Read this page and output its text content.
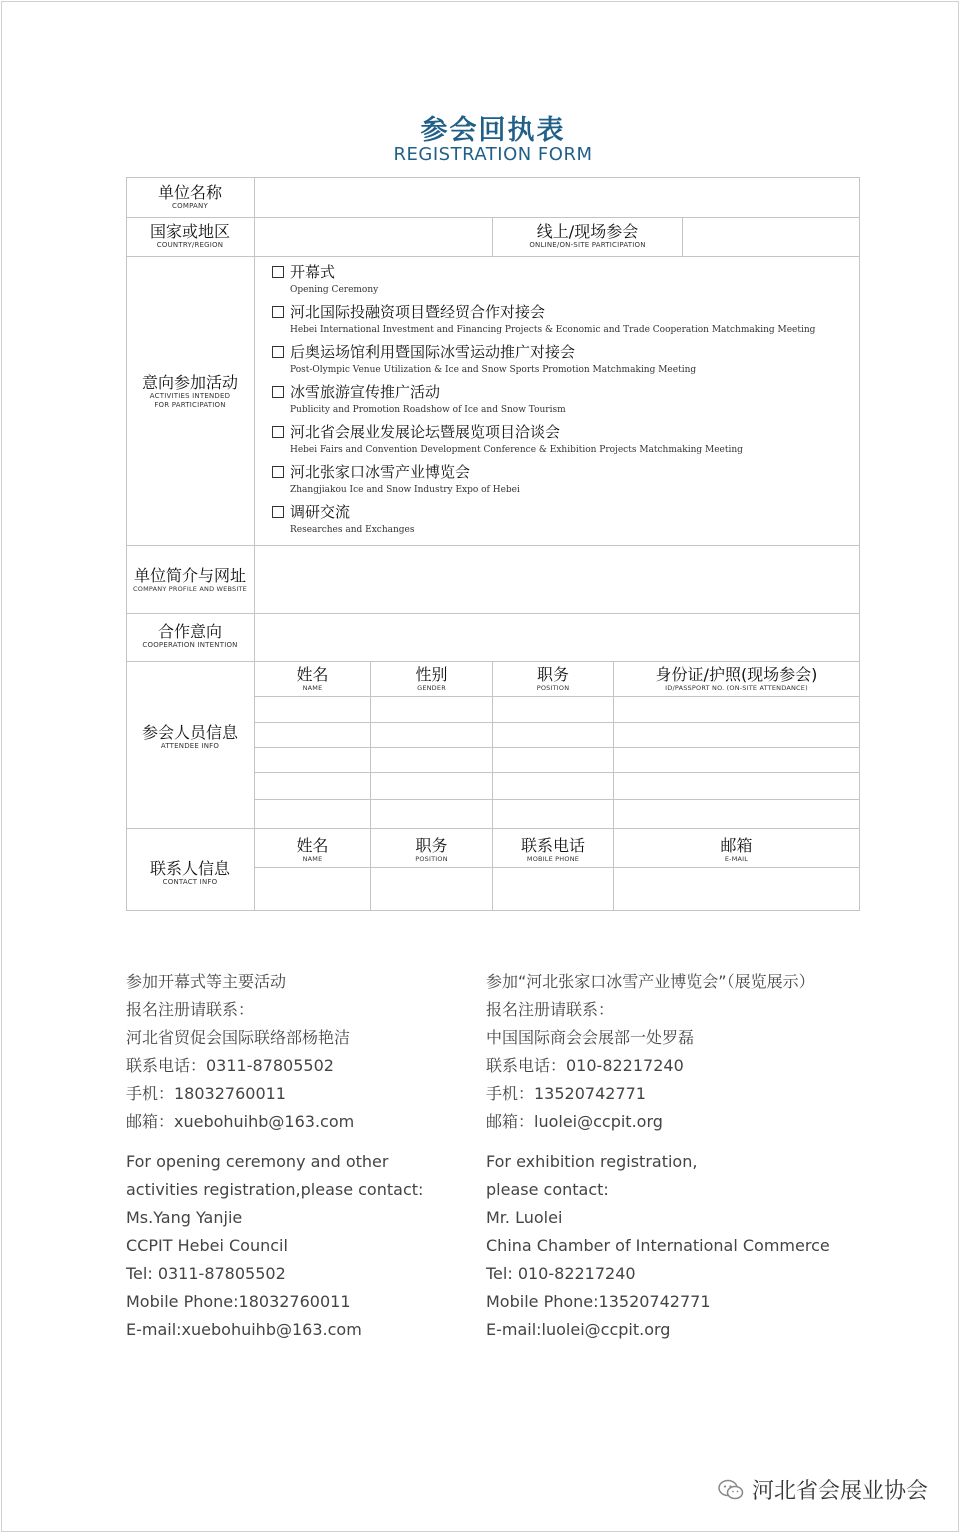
参会回执表
REGISTRATION FORM
单位名称
COMPANY
国家或地区
COUNTRY/REGION
线上/现场参会
ONLINE/ON-SITE PARTICIPATION
意向参加活动
ACTIVITIES INTENDED
FOR PARTICIPATION
开幕式
Opening Ceremony
河北国际投融资项目暨经贸合作对接会
Hebei International Investment and Financing Projects & Economic and Trade Cooperation Matchmaking Meeting
后奥运场馆利用暨国际冰雪运动推广对接会
Post-Olympic Venue Utilization & Ice and Snow Sports Promotion Matchmaking Meeting
冰雪旅游宣传推广活动
Publicity and Promotion Roadshow of Ice and Snow Tourism
河北省会展业发展论坛暨展览项目洽谈会
Hebei Fairs and Convention Development Conference & Exhibition Projects Matchmaking Meeting
河北张家口冰雪产业博览会
Zhangjiakou Ice and Snow Industry Expo of Hebei
调研交流
Researches and Exchanges
单位简介与网址
COMPANY PROFILE AND WEBSITE
合作意向
COOPERATION INTENTION
参会人员信息
ATTENDEE INFO
姓名
NAME
性别
GENDER
职务
POSITION
身份证/护照(现场参会)
ID/PASSPORT NO. (ON-SITE ATTENDANCE)
联系人信息
CONTACT INFO
姓名
NAME
职务
POSITION
联系电话
MOBILE PHONE
邮箱
E-MAIL
参加开幕式等主要活动
报名注册请联系：
河北省贸促会国际联络部杨艳洁
联系电话：0311-87805502
手机：18032760011
邮箱：xuebohuihb@163.com
For opening ceremony and other
activities registration,please contact:
Ms.Yang Yanjie
CCPIT Hebei Council
Tel: 0311-87805502
Mobile Phone:18032760011
E-mail:xuebohuihb@163.com
参加“河北张家口冰雪产业博览会”（展览展示）
报名注册请联系：
中国国际商会会展部一处罗磊
联系电话：010-82217240
手机：13520742771
邮箱：luolei@ccpit.org
For exhibition registration,
please contact:
Mr. Luolei
China Chamber of International Commerce
Tel: 010-82217240
Mobile Phone:13520742771
E-mail:luolei@ccpit.org
河北省会展业协会
